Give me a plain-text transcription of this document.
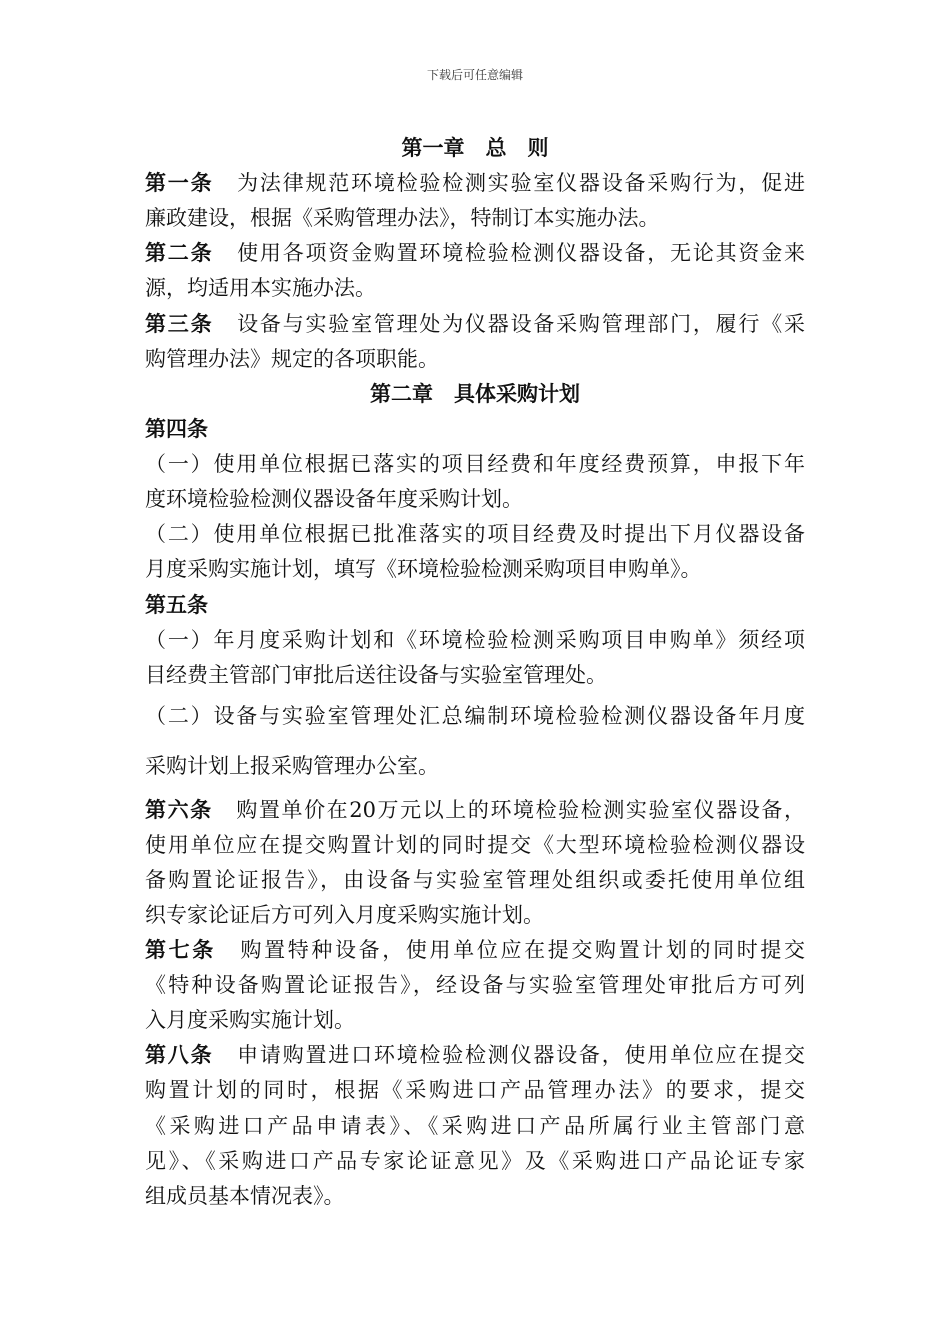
下载后可任意编辑
第一章　总　则
第一条 为法律规范环境检验检测实验室仪器设备采购行为，促进
廉政建设，根据《采购管理办法》，特制订本实施办法。
第二条 使用各项资金购置环境检验检测仪器设备，无论其资金来
源，均适用本实施办法。
第三条 设备与实验室管理处为仪器设备采购管理部门，履行《采
购管理办法》规定的各项职能。
第二章　具体采购计划
第四条
（一）使用单位根据已落实的项目经费和年度经费预算，申报下年
度环境检验检测仪器设备年度采购计划。
（二）使用单位根据已批准落实的项目经费及时提出下月仪器设备
月度采购实施计划，填写《环境检验检测采购项目申购单》。
第五条
（一）年月度采购计划和《环境检验检测采购项目申购单》须经项
目经费主管部门审批后送往设备与实验室管理处。
（二）设备与实验室管理处汇总编制环境检验检测仪器设备年月度
采购计划上报采购管理办公室。
第六条 购置单价在20万元以上的环境检验检测实验室仪器设备，
使用单位应在提交购置计划的同时提交《大型环境检验检测仪器设
备购置论证报告》，由设备与实验室管理处组织或委托使用单位组
织专家论证后方可列入月度采购实施计划。
第七条 购置特种设备，使用单位应在提交购置计划的同时提交
《特种设备购置论证报告》，经设备与实验室管理处审批后方可列
入月度采购实施计划。
第八条 申请购置进口环境检验检测仪器设备，使用单位应在提交
购置计划的同时，根据《采购进口产品管理办法》的要求，提交
《采购进口产品申请表》、《采购进口产品所属行业主管部门意
见》、《采购进口产品专家论证意见》及《采购进口产品论证专家
组成员基本情况表》。
